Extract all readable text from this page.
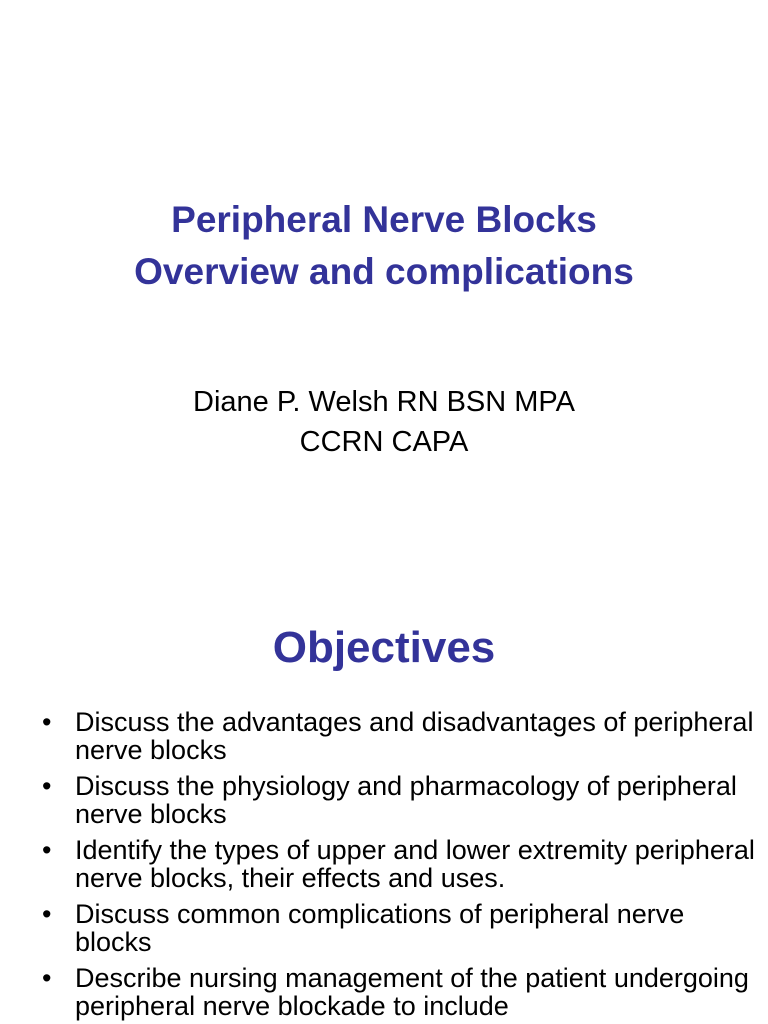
Peripheral Nerve Blocks
Overview and complications

Diane P. Welsh RN BSN MPA
CCRN CAPA

Objectives
• Discuss the advantages and disadvantages of peripheral nerve blocks
• Discuss the physiology and pharmacology of peripheral nerve blocks
• Identify the types of upper and lower extremity peripheral nerve blocks, their effects and uses.
• Discuss common complications of peripheral nerve blocks
• Describe nursing management of the patient undergoing peripheral nerve blockade to include
